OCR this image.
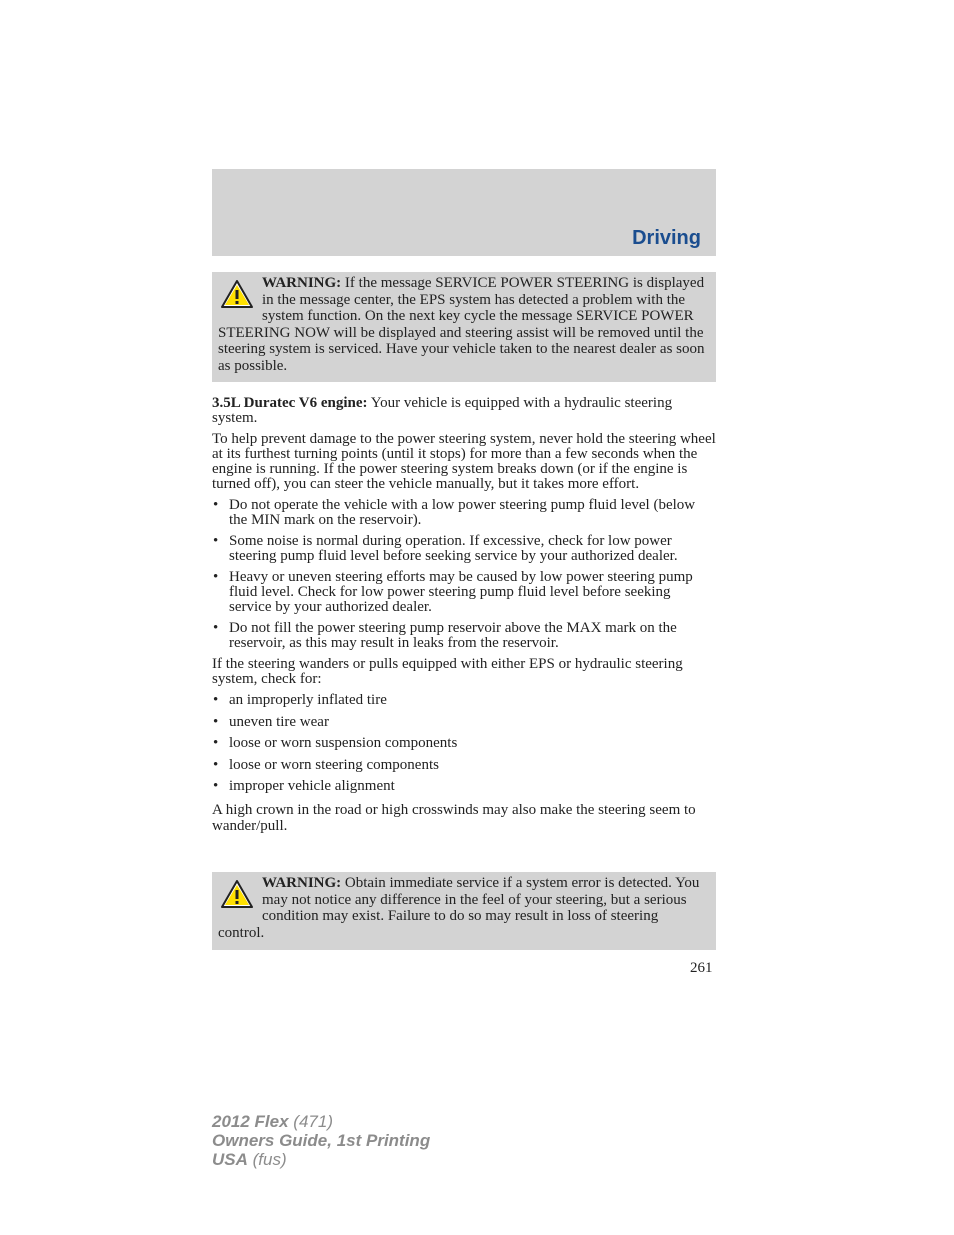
Driving
WARNING: If the message SERVICE POWER STEERING is displayed in the message center, the EPS system has detected a problem with the system function. On the next key cycle the message SERVICE POWER STEERING NOW will be displayed and steering assist will be removed until the steering system is serviced. Have your vehicle taken to the nearest dealer as soon as possible.

3.5L Duratec V6 engine: Your vehicle is equipped with a hydraulic steering system.

To help prevent damage to the power steering system, never hold the steering wheel at its furthest turning points (until it stops) for more than a few seconds when the engine is running. If the power steering system breaks down (or if the engine is turned off), you can steer the vehicle manually, but it takes more effort.

• Do not operate the vehicle with a low power steering pump fluid level (below the MIN mark on the reservoir).

• Some noise is normal during operation. If excessive, check for low power steering pump fluid level before seeking service by your authorized dealer.

• Heavy or uneven steering efforts may be caused by low power steering pump fluid level. Check for low power steering pump fluid level before seeking service by your authorized dealer.

• Do not fill the power steering pump reservoir above the MAX mark on the reservoir, as this may result in leaks from the reservoir.

If the steering wanders or pulls equipped with either EPS or hydraulic steering system, check for:

• an improperly inflated tire

• uneven tire wear

• loose or worn suspension components

• loose or worn steering components

• improper vehicle alignment

A high crown in the road or high crosswinds may also make the steering seem to wander/pull.

WARNING: Obtain immediate service if a system error is detected. You may not notice any difference in the feel of your steering, but a serious condition may exist. Failure to do so may result in loss of steering control.
261
2012 Flex (471)
Owners Guide, 1st Printing
USA (fus)
